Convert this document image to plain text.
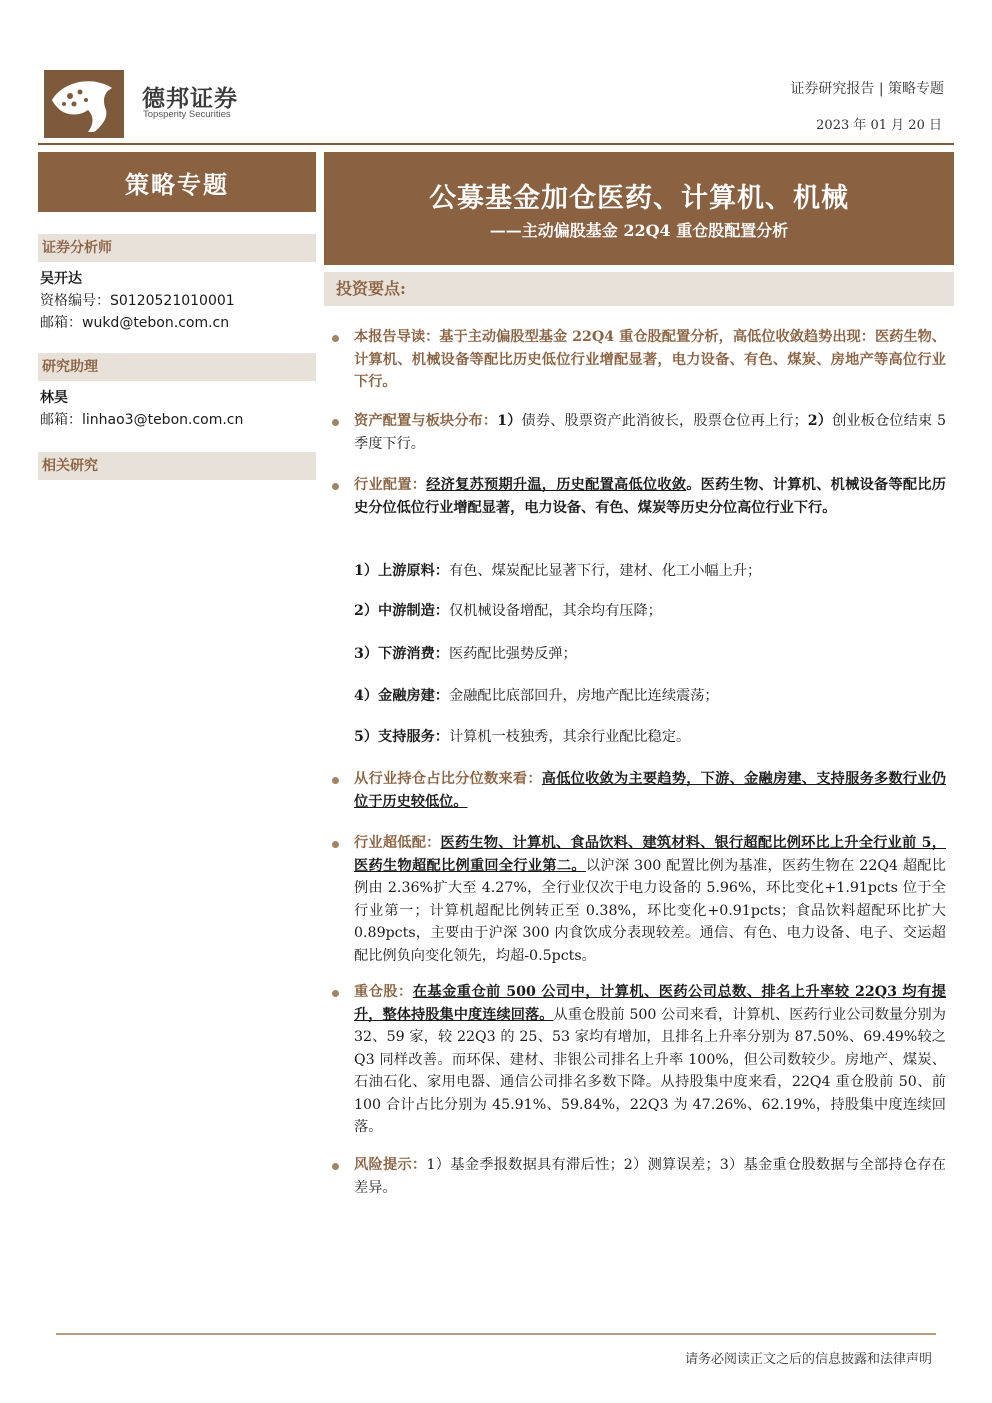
德邦证券
Topsperity Securities
证券研究报告 | 策略专题
2023 年 01 月 20 日
策略专题
证券分析师
吴开达
资格编号：S0120521010001
邮箱：wukd@tebon.com.cn
研究助理
林昊
邮箱：linhao3@tebon.com.cn
相关研究
公募基金加仓医药、计算机、机械
——主动偏股基金 22Q4 重仓股配置分析
投资要点:
本报告导读：基于主动偏股型基金 22Q4 重仓股配置分析，高低位收敛趋势出现：医药生物、计算机、机械设备等配比历史低位行业增配显著，电力设备、有色、煤炭、房地产等高位行业下行。
资产配置与板块分布：1）债券、股票资产此消彼长，股票仓位再上行；2）创业板仓位结束 5 季度下行。
行业配置：经济复苏预期升温，历史配置高低位收敛。医药生物、计算机、机械设备等配比历史分位低位行业增配显著，电力设备、有色、煤炭等历史分位高位行业下行。
1）上游原料：有色、煤炭配比显著下行，建材、化工小幅上升；
2）中游制造：仅机械设备增配，其余均有压降；
3）下游消费：医药配比强势反弹；
4）金融房建：金融配比底部回升，房地产配比连续震荡；
5）支持服务：计算机一枝独秀，其余行业配比稳定。
从行业持仓占比分位数来看：高低位收敛为主要趋势，下游、金融房建、支持服务多数行业仍位于历史较低位。
行业超低配：医药生物、计算机、食品饮料、建筑材料、银行超配比例环比上升全行业前 5，医药生物超配比例重回全行业第二。以沪深 300 配置比例为基准，医药生物在 22Q4 超配比例由 2.36%扩大至 4.27%，全行业仅次于电力设备的 5.96%，环比变化+1.91pcts 位于全行业第一；计算机超配比例转正至 0.38%，环比变化+0.91pcts；食品饮料超配环比扩大 0.89pcts，主要由于沪深 300 内食饮成分表现较差。通信、有色、电力设备、电子、交运超配比例负向变化领先，均超-0.5pcts。
重仓股：在基金重仓前 500 公司中，计算机、医药公司总数、排名上升率较 22Q3 均有提升，整体持股集中度连续回落。从重仓股前 500 公司来看，计算机、医药行业公司数量分别为 32、59 家，较 22Q3 的 25、53 家均有增加，且排名上升率分别为 87.50%、69.49%较之 Q3 同样改善。而环保、建材、非银公司排名上升率 100%，但公司数较少。房地产、煤炭、石油石化、家用电器、通信公司排名多数下降。从持股集中度来看，22Q4 重仓股前 50、前 100 合计占比分别为 45.91%、59.84%，22Q3 为 47.26%、62.19%，持股集中度连续回落。
风险提示：1）基金季报数据具有滞后性；2）测算误差；3）基金重仓股数据与全部持仓存在差异。
请务必阅读正文之后的信息披露和法律声明
